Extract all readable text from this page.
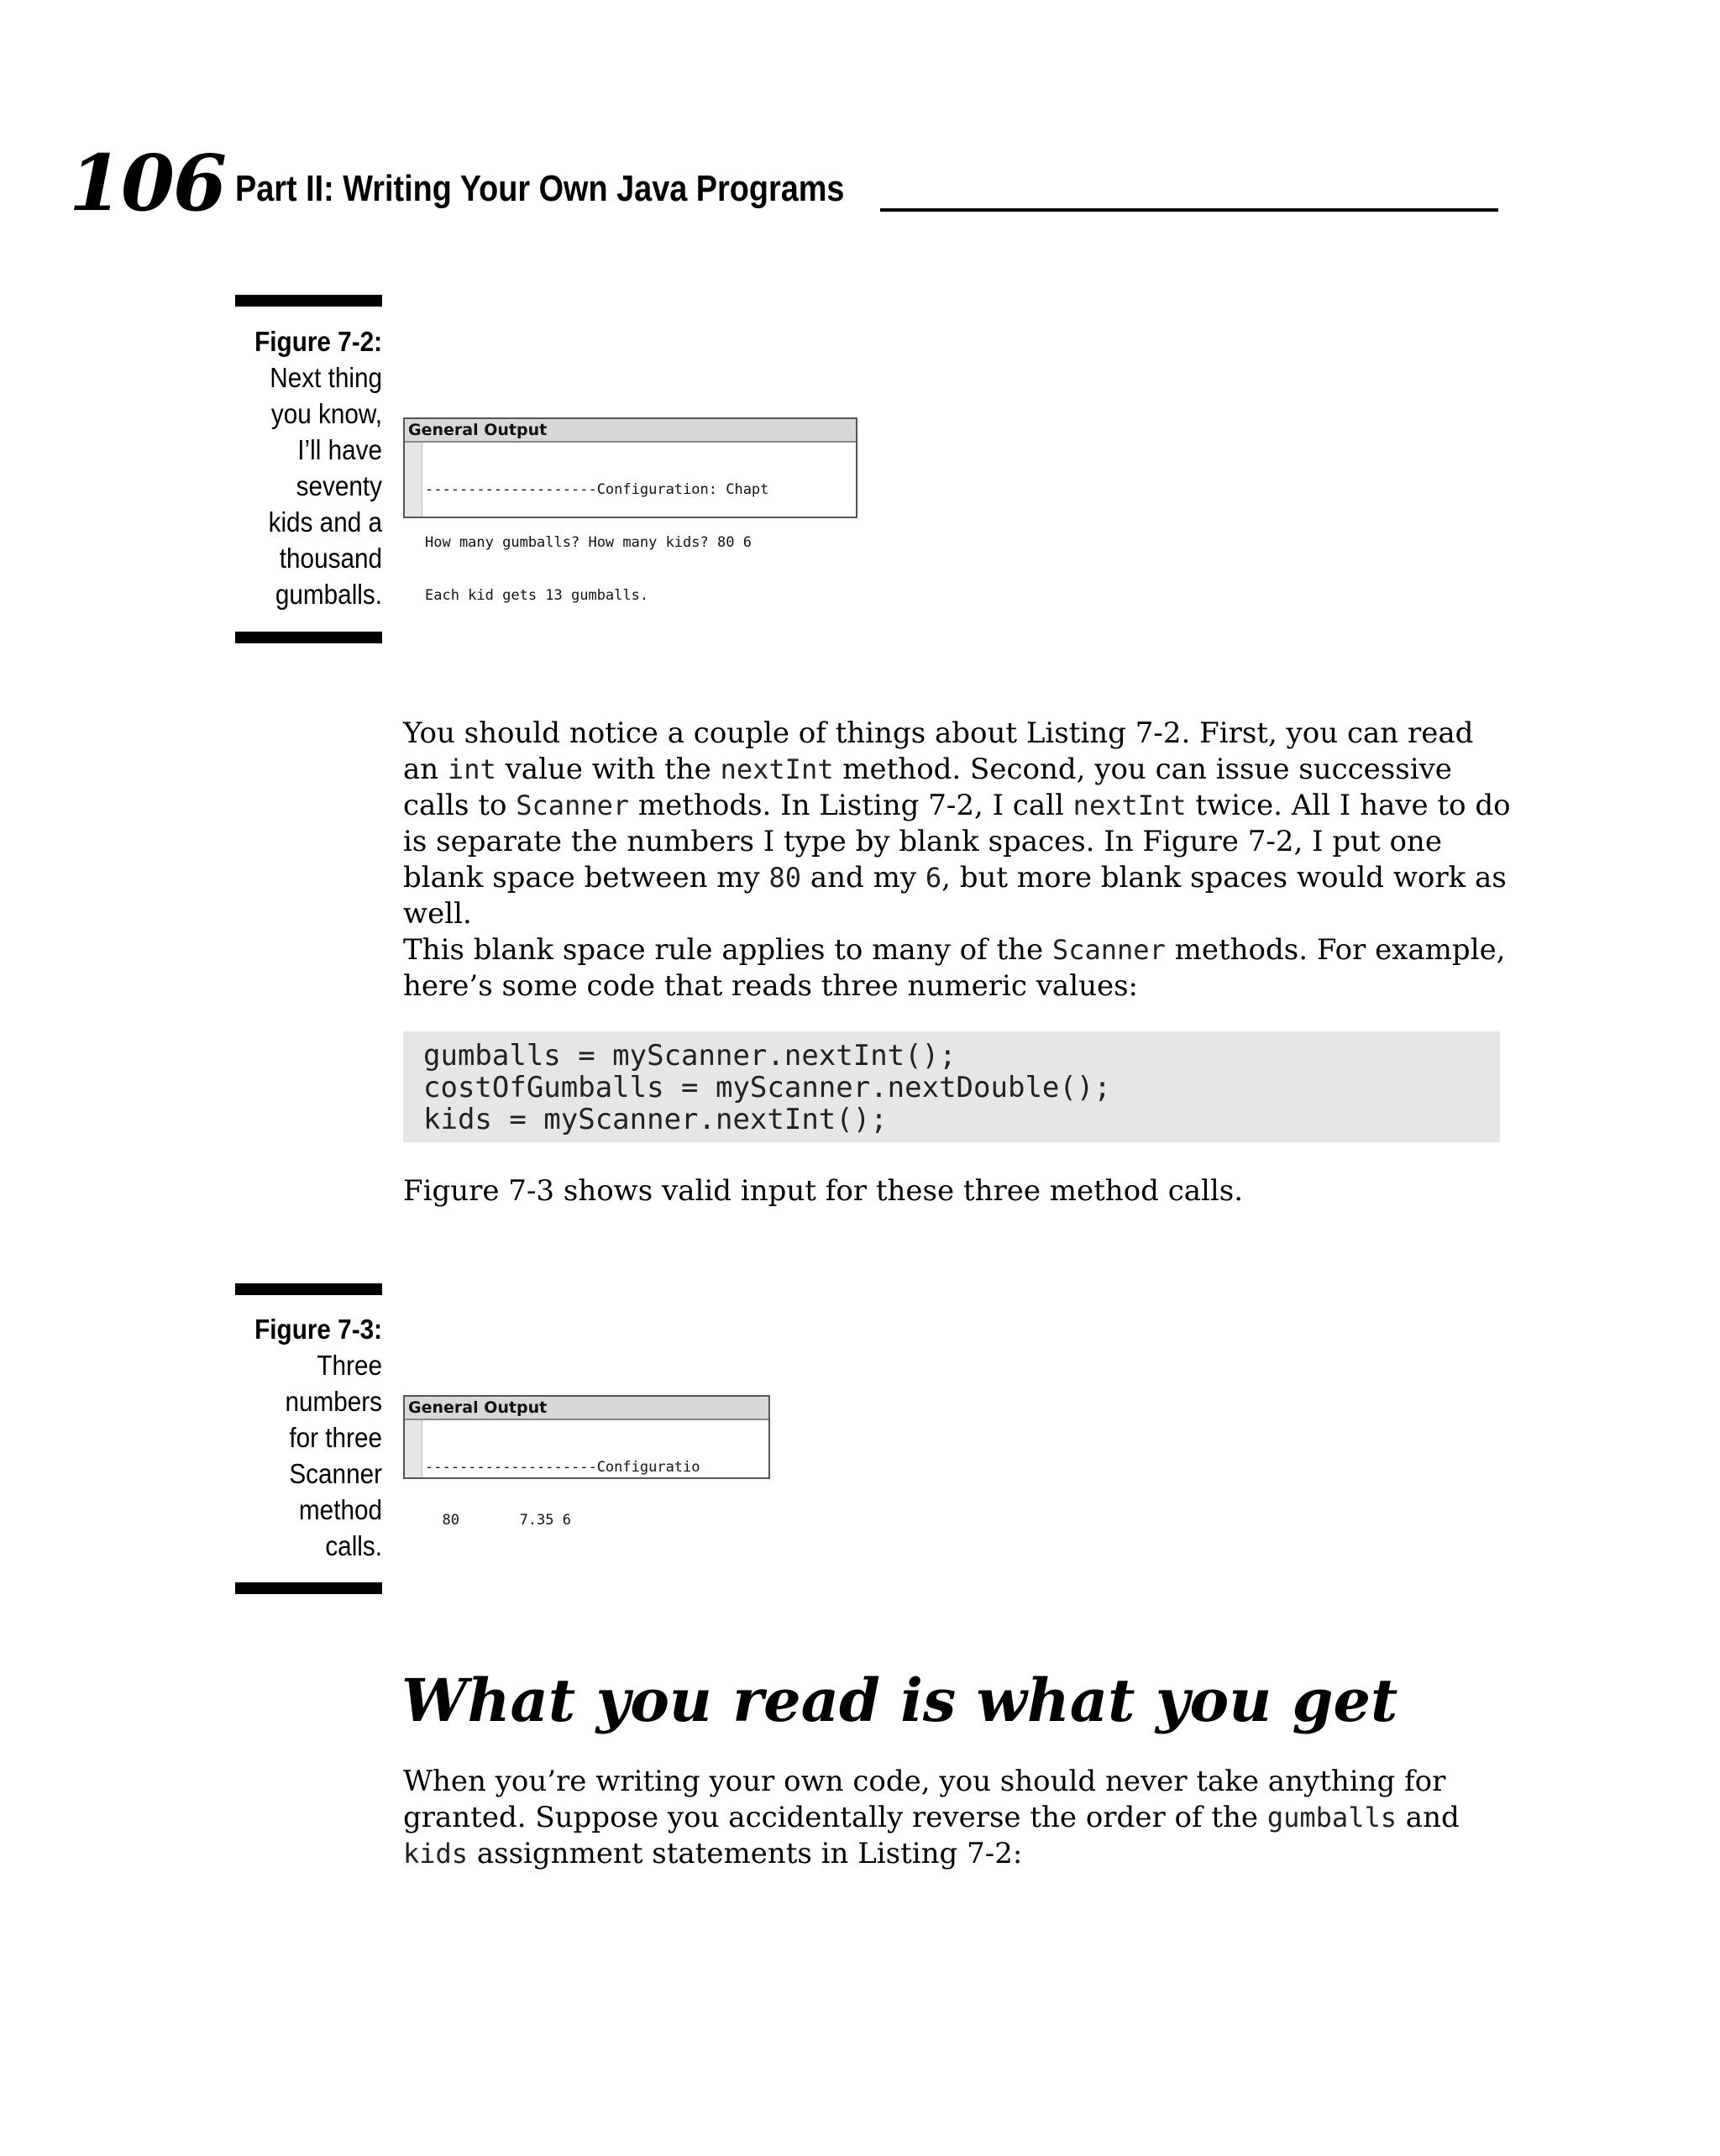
106 Part II: Writing Your Own Java Programs
Figure 7-2:
Next thing
you know,
I’ll have
seventy
kids and a
thousand
gumballs.
General Output

--------------------Configuration: Chapt

How many gumballs? How many kids? 80 6

Each kid gets 13 gumballs.

You should notice a couple of things about Listing 7-2. First, you can read an int value with the nextInt method. Second, you can issue successive calls to Scanner methods. In Listing 7-2, I call nextInt twice. All I have to do is separate the numbers I type by blank spaces. In Figure 7-2, I put one blank space between my 80 and my 6, but more blank spaces would work as well.

This blank space rule applies to many of the Scanner methods. For example, here’s some code that reads three numeric values:

gumballs = myScanner.nextInt();
costOfGumballs = myScanner.nextDouble();
kids = myScanner.nextInt();

Figure 7-3 shows valid input for these three method calls.

Figure 7-3:
Three
numbers
for three
Scanner
method
calls.
General Output

--------------------Configuratio

80       7.35 6

What you read is what you get

When you’re writing your own code, you should never take anything for granted. Suppose you accidentally reverse the order of the gumballs and kids assignment statements in Listing 7-2:
